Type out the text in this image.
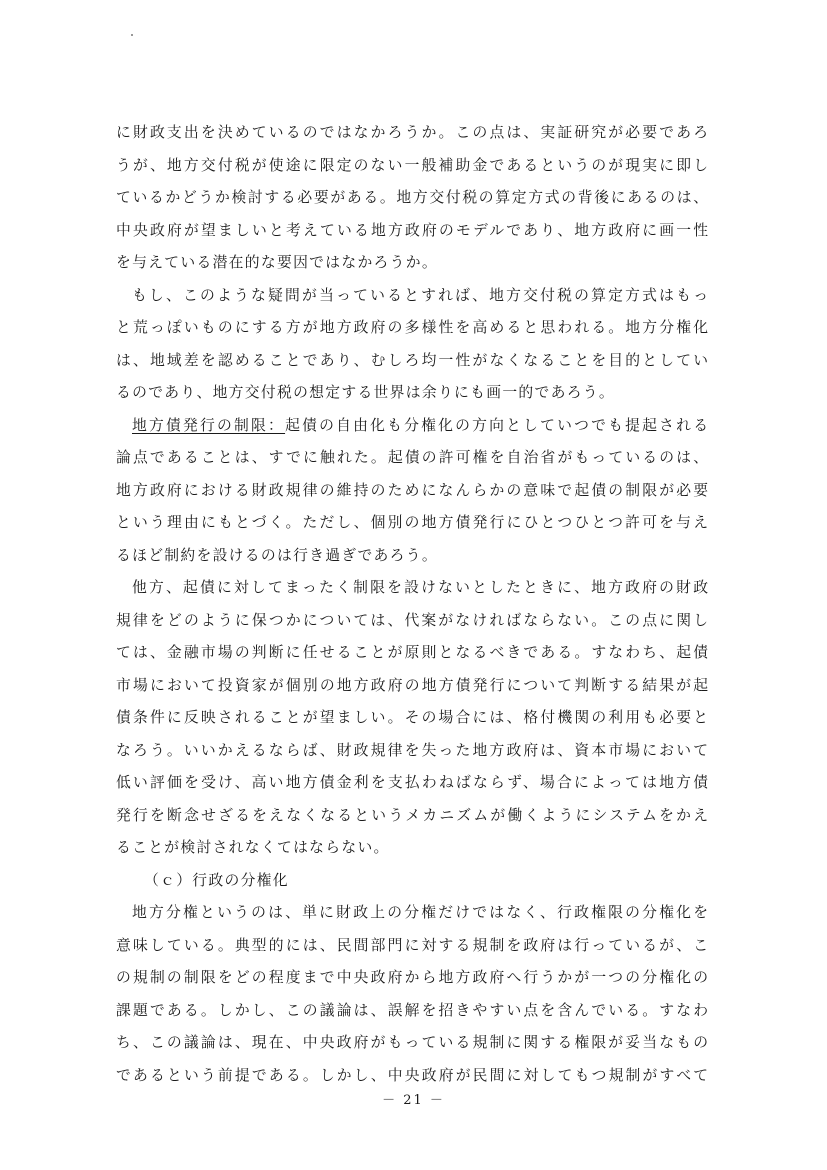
に財政支出を決めているのではなかろうか。この点は、実証研究が必要であろ
うが、地方交付税が使途に限定のない一般補助金であるというのが現実に即し
ているかどうか検討する必要がある。地方交付税の算定方式の背後にあるのは、
中央政府が望ましいと考えている地方政府のモデルであり、地方政府に画一性
を与えている潜在的な要因ではなかろうか。
もし、このような疑問が当っているとすれば、地方交付税の算定方式はもっ
と荒っぽいものにする方が地方政府の多様性を高めると思われる。地方分権化
は、地域差を認めることであり、むしろ均一性がなくなることを目的としてい
るのであり、地方交付税の想定する世界は余りにも画一的であろう。
地方債発行の制限：起債の自由化も分権化の方向としていつでも提起される
論点であることは、すでに触れた。起債の許可権を自治省がもっているのは、
地方政府における財政規律の維持のためになんらかの意味で起債の制限が必要
という理由にもとづく。ただし、個別の地方債発行にひとつひとつ許可を与え
るほど制約を設けるのは行き過ぎであろう。
他方、起債に対してまったく制限を設けないとしたときに、地方政府の財政
規律をどのように保つかについては、代案がなければならない。この点に関し
ては、金融市場の判断に任せることが原則となるべきである。すなわち、起債
市場において投資家が個別の地方政府の地方債発行について判断する結果が起
債条件に反映されることが望ましい。その場合には、格付機関の利用も必要と
なろう。いいかえるならば、財政規律を失った地方政府は、資本市場において
低い評価を受け、高い地方債金利を支払わねばならず、場合によっては地方債
発行を断念せざるをえなくなるというメカニズムが働くようにシステムをかえ
ることが検討されなくてはならない。
（ｃ）行政の分権化
地方分権というのは、単に財政上の分権だけではなく、行政権限の分権化を
意味している。典型的には、民間部門に対する規制を政府は行っているが、こ
の規制の制限をどの程度まで中央政府から地方政府へ行うかが一つの分権化の
課題である。しかし、この議論は、誤解を招きやすい点を含んでいる。すなわ
ち、この議論は、現在、中央政府がもっている規制に関する権限が妥当なもの
であるという前提である。しかし、中央政府が民間に対してもつ規制がすべて
－ 21 －
